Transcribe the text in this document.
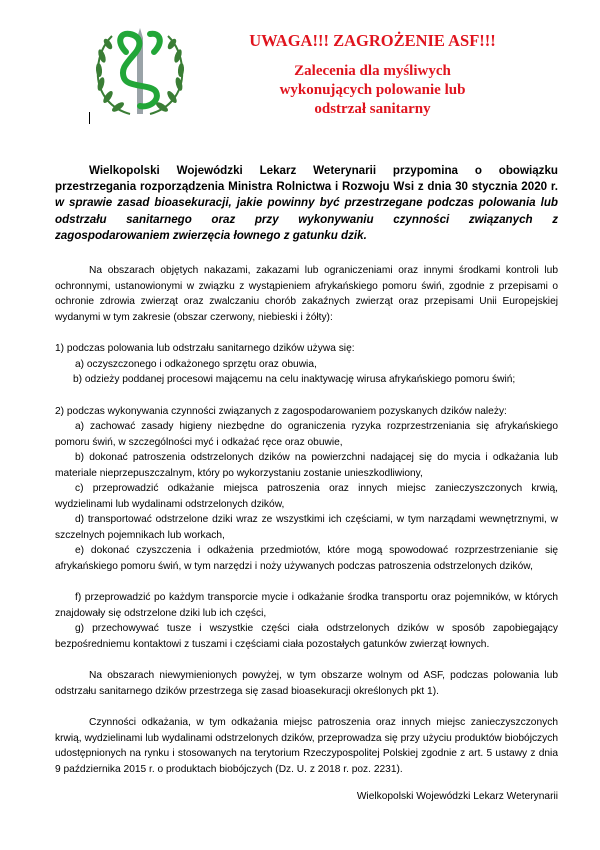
UWAGA!!! ZAGROŻENIE ASF!!!

Zalecenia dla myśliwych
wykonujących polowanie lub
odstrzał sanitarny

Wielkopolski Wojewódzki Lekarz Weterynarii przypomina o obowiązku przestrzegania rozporządzenia Ministra Rolnictwa i Rozwoju Wsi z dnia 30 stycznia 2020 r. w sprawie zasad bioasekuracji, jakie powinny być przestrzegane podczas polowania lub odstrzału sanitarnego oraz przy wykonywaniu czynności związanych z zagospodarowaniem zwierzęcia łownego z gatunku dzik.

Na obszarach objętych nakazami, zakazami lub ograniczeniami oraz innymi środkami kontroli lub ochronnymi, ustanowionymi w związku z wystąpieniem afrykańskiego pomoru świń, zgodnie z przepisami o ochronie zdrowia zwierząt oraz zwalczaniu chorób zakaźnych zwierząt oraz przepisami Unii Europejskiej wydanymi w tym zakresie (obszar czerwony, niebieski i żółty):

1) podczas polowania lub odstrzału sanitarnego dzików używa się:

a) oczyszczonego i odkażonego sprzętu oraz obuwia,

b) odzieży poddanej procesowi mającemu na celu inaktywację wirusa afrykańskiego pomoru świń;

2) podczas wykonywania czynności związanych z zagospodarowaniem pozyskanych dzików należy:

a) zachować zasady higieny niezbędne do ograniczenia ryzyka rozprzestrzeniania się afrykańskiego pomoru świń, w szczególności myć i odkażać ręce oraz obuwie,

b) dokonać patroszenia odstrzelonych dzików na powierzchni nadającej się do mycia i odkażania lub materiale nieprzepuszczalnym, który po wykorzystaniu zostanie unieszkodliwiony,

c) przeprowadzić odkażanie miejsca patroszenia oraz innych miejsc zanieczyszczonych krwią, wydzielinami lub wydalinami odstrzelonych dzików,

d) transportować odstrzelone dziki wraz ze wszystkimi ich częściami, w tym narządami wewnętrznymi, w szczelnych pojemnikach lub workach,

e) dokonać czyszczenia i odkażenia przedmiotów, które mogą spowodować rozprzestrzenianie się afrykańskiego pomoru świń, w tym narzędzi i noży używanych podczas patroszenia odstrzelonych dzików,

f) przeprowadzić po każdym transporcie mycie i odkażanie środka transportu oraz pojemników, w których znajdowały się odstrzelone dziki lub ich części,

g) przechowywać tusze i wszystkie części ciała odstrzelonych dzików w sposób zapobiegający bezpośredniemu kontaktowi z tuszami i częściami ciała pozostałych gatunków zwierząt łownych.

Na obszarach niewymienionych powyżej, w tym obszarze wolnym od ASF, podczas polowania lub odstrzału sanitarnego dzików przestrzega się zasad bioasekuracji określonych pkt 1).

Czynności odkażania, w tym odkażania miejsc patroszenia oraz innych miejsc zanieczyszczonych krwią, wydzielinami lub wydalinami odstrzelonych dzików, przeprowadza się przy użyciu produktów biobójczych udostępnionych na rynku i stosowanych na terytorium Rzeczypospolitej Polskiej zgodnie z art. 5 ustawy z dnia 9 października 2015 r. o produktach biobójczych (Dz. U. z 2018 r. poz. 2231).

Wielkopolski Wojewódzki Lekarz Weterynarii
